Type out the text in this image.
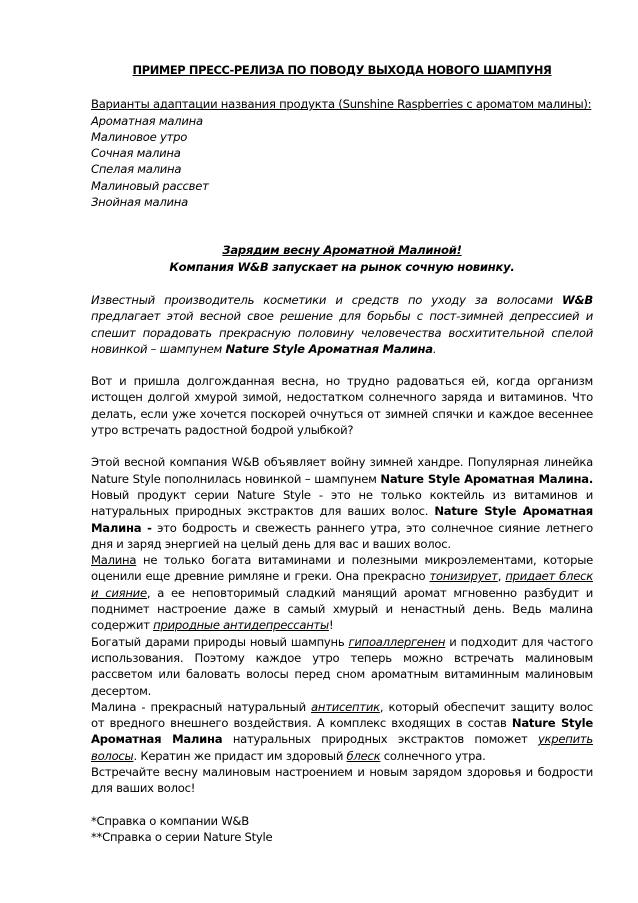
ПРИМЕР ПРЕСС-РЕЛИЗА ПО ПОВОДУ ВЫХОДА НОВОГО ШАМПУНЯ

Варианты адаптации названия продукта (Sunshine Raspberries с ароматом малины):

Ароматная малина
Малиновое утро
Сочная малина
Спелая малина
Малиновый рассвет
Знойная малина
Зарядим весну Ароматной Малиной!
Компания W&B запускает на рынок сочную новинку.

Известный производитель косметики и средств по уходу за волосами W&B предлагает этой весной свое решение для борьбы с пост-зимней депрессией и спешит порадовать прекрасную половину человечества восхитительной спелой новинкой – шампунем Nature Style Ароматная Малина.

Вот и пришла долгожданная весна, но трудно радоваться ей, когда организм истощен долгой хмурой зимой, недостатком солнечного заряда и витаминов. Что делать, если уже хочется поскорей очнуться от зимней спячки и каждое весеннее утро встречать радостной бодрой улыбкой?

Этой весной компания W&B объявляет войну зимней хандре. Популярная линейка Nature Style пополнилась новинкой – шампунем Nature Style Ароматная Малина. Новый продукт серии Nature Style - это не только коктейль из витаминов и натуральных природных экстрактов для ваших волос. Nature Style Ароматная Малина - это бодрость и свежесть раннего утра, это солнечное сияние летнего дня и заряд энергией на целый день для вас и ваших волос.

Малина не только богата витаминами и полезными микроэлементами, которые оценили еще древние римляне и греки. Она прекрасно тонизирует, придает блеск и сияние, а ее неповторимый сладкий манящий аромат мгновенно разбудит и поднимет настроение даже в самый хмурый и ненастный день. Ведь малина содержит природные антидепрессанты!

Богатый дарами природы новый шампунь гипоаллергенен и подходит для частого использования. Поэтому каждое утро теперь можно встречать малиновым рассветом или баловать волосы перед сном ароматным витаминным малиновым десертом.

Малина - прекрасный натуральный антисептик, который обеспечит защиту волос от вредного внешнего воздействия. А комплекс входящих в состав Nature Style Ароматная Малина натуральных природных экстрактов поможет укрепить волосы. Кератин же придаст им здоровый блеск солнечного утра.

Встречайте весну малиновым настроением и новым зарядом здоровья и бодрости для ваших волос!

*Справка о компании W&B
**Справка о серии Nature Style
